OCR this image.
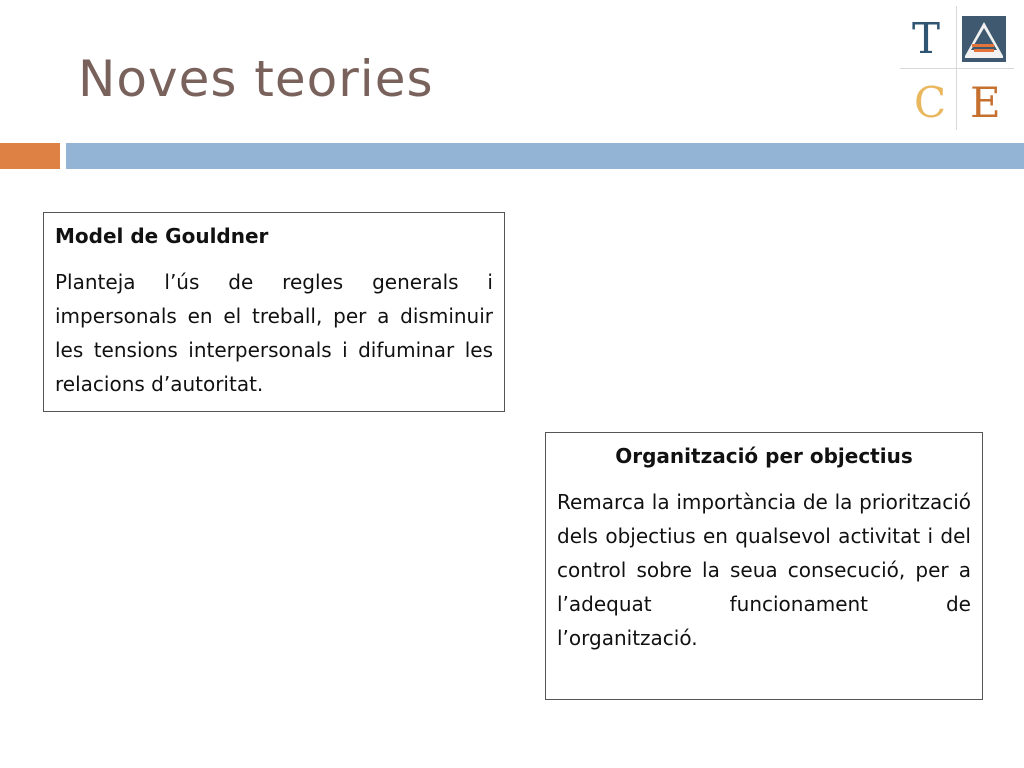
Noves teories
T
C E

Model de Gouldner

Planteja l’ús de regles generals i impersonals en el treball, per a disminuir les tensions interpersonals i difuminar les relacions d’autoritat.

Organització per objectius

Remarca la importància de la priorització dels objectius en qualsevol activitat i del control sobre la seua consecució, per a l’adequat funcionament de l’organització.
